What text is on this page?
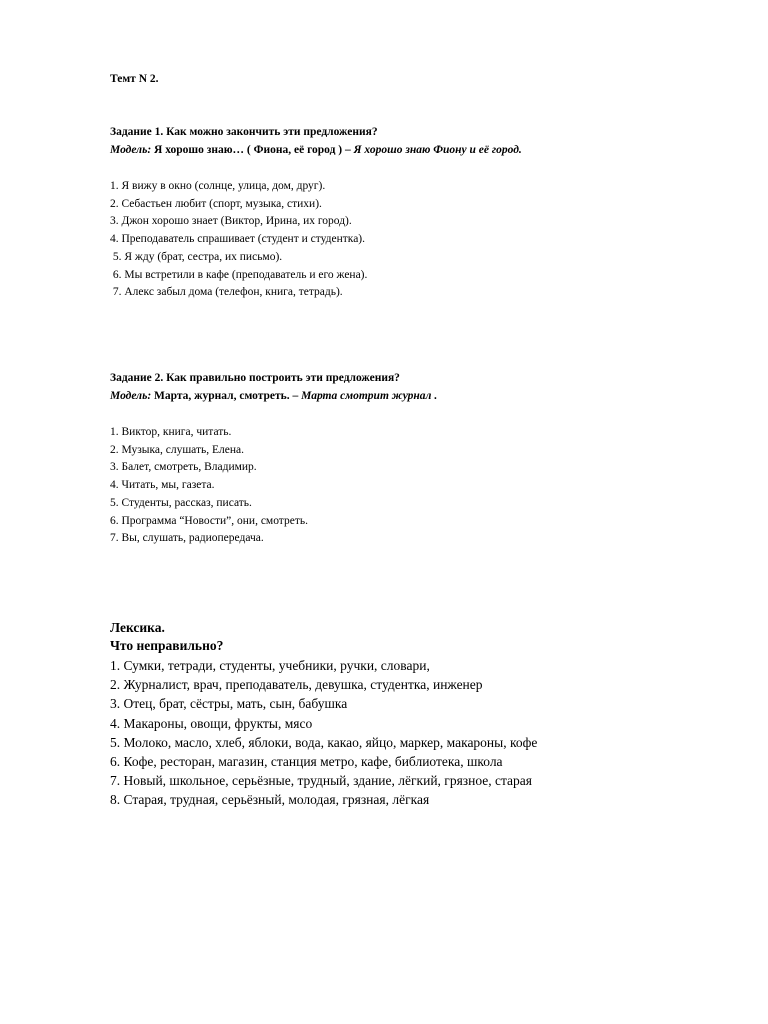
Темт N 2.
Задание 1. Как можно закончить эти предложения?
Модель: Я хорошо знаю… ( Фиона, её город ) – Я хорошо знаю Фиону и её город.
1. Я вижу в окно (солнце, улица, дом, друг).
2. Себастьен любит (спорт, музыка, стихи).
3. Джон хорошо знает (Виктор, Ирина, их город).
4. Преподаватель спрашивает (студент и студентка).
5. Я жду (брат, сестра, их письмо).
6. Мы встретили в кафе (преподаватель и его жена).
7. Алекс забыл дома (телефон, книга, тетрадь).
Задание 2. Как правильно построить эти предложения?
Модель: Марта, журнал, смотреть. – Марта смотрит журнал .
1. Виктор, книга, читать.
2. Музыка, слушать, Елена.
3. Балет, смотреть, Владимир.
4. Читать, мы, газета.
5. Студенты, рассказ, писать.
6. Программа “Новости”, они, смотреть.
7. Вы, слушать, радиопередача.
Лексика.
Что неправильно?
1. Сумки, тетради, студенты, учебники, ручки, словари,
2. Журналист, врач, преподаватель, девушка, студентка, инженер
3. Отец, брат, сёстры, мать, сын, бабушка
4. Макароны, овощи, фрукты, мясо
5. Молоко, масло, хлеб, яблоки, вода, какао, яйцо, маркер, макароны, кофе
6. Кофе, ресторан, магазин, станция метро, кафе, библиотека, школа
7. Новый, школьное, серьёзные, трудный, здание, лёгкий, грязное, старая
8. Старая, трудная, серьёзный, молодая, грязная, лёгкая
